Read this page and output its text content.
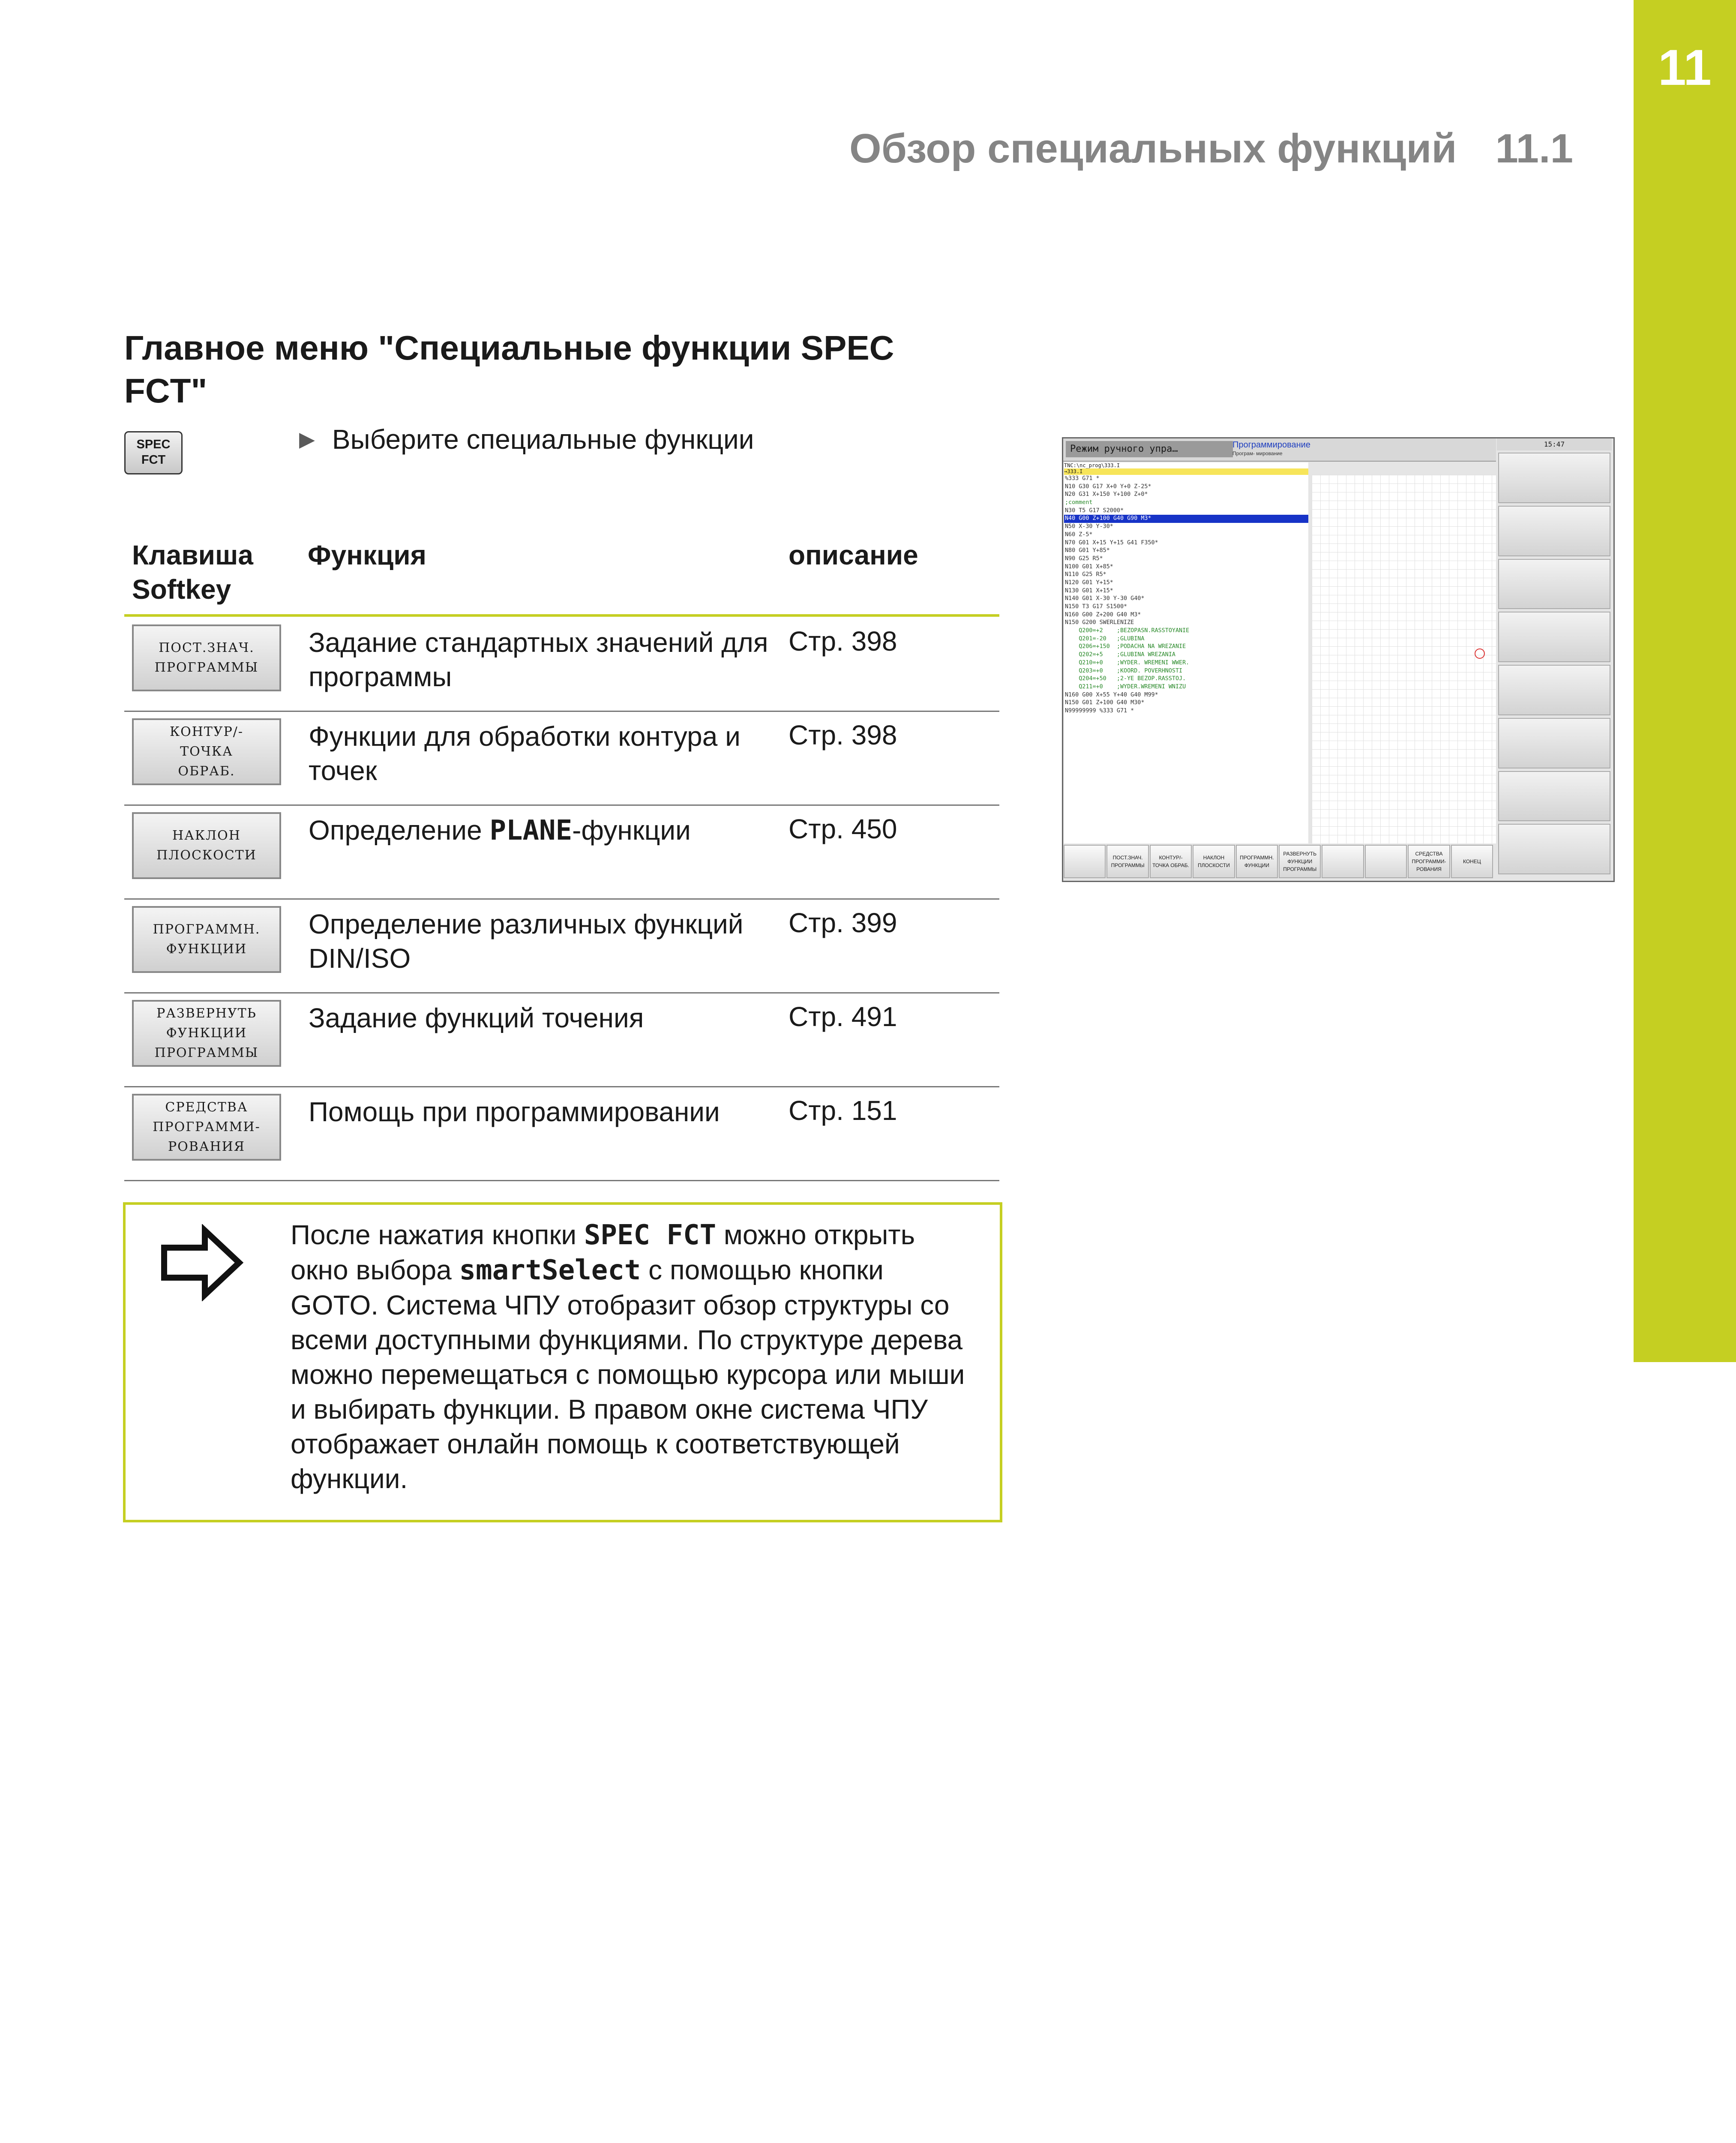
11
Обзор специальных функций 11.1
Главное меню "Специальные функции SPEC FCT"
SPEC
FCT
▶ Выберите специальные функции
Клавиша Softkey
Функция	описание
ПОСТ.ЗНАЧ.
ПРОГРАММЫ
Задание стандартных значений для программы
Стр. 398
КОНТУР/-
ТОЧКА
ОБРАБ.
Функции для обработки контура и точек
Стр. 398
НАКЛОН
ПЛОСКОСТИ
Определение PLANE-функции	Стр. 450
ПРОГРАММН.
ФУНКЦИИ
Определение различных функций DIN/ISO
Стр. 399
РАЗВЕРНУТЬ
ФУНКЦИИ
ПРОГРАММЫ
Задание функций точения	Стр. 491
СРЕДСТВА
ПРОГРАММИ-
РОВАНИЯ
Помощь при программировании	Стр. 151
После нажатия кнопки SPEC FCT можно открыть окно выбора smartSelect с помощью кнопки GOTO. Система ЧПУ отобразит обзор структуры со всеми доступными функциями. По структуре дерева можно перемещаться с помощью курсора или мыши и выбирать функции. В правом окне система ЧПУ отображает онлайн помощь к соответствующей функции.
Режим ручного упра…	Программирование
Програм- мирование
15:47
TNC:\nc_prog\333.I
→333.I
%333 G71 *
N10 G30 G17 X+0 Y+0 Z-25*
N20 G31 X+150 Y+100 Z+0*
;comment
N30 T5 G17 S2000*
N40 G00 Z+100 G40 G90 M3*
N50 X-30 Y-30*
N60 Z-5*
N70 G01 X+15 Y+15 G41 F350*
N80 G01 Y+85*
N90 G25 R5*
N100 G01 X+85*
N110 G25 R5*
N120 G01 Y+15*
N130 G01 X+15*
N140 G01 X-30 Y-30 G40*
N150 T3 G17 S1500*
N160 G00 Z+200 G40 M3*
N150 G200 SWERLENIZE
Q200=+2    ;BEZOPASN.RASSTOYANIE
Q201=-20   ;GLUBINA
Q206=+150  ;PODACHA NA WREZANIE
Q202=+5    ;GLUBINA WREZANIA
Q210=+0    ;WYDER. WREMENI WWER.
Q203=+0    ;KOORD. POVERHNOSTI
Q204=+50   ;2-YE BEZOP.RASSTOJ.
Q211=+0    ;WYDER.WREMENI WNIZU
N160 G00 X+55 Y+40 G40 M99*
N150 G01 Z+100 G40 M30*
N99999999 %333 G71 *
ПОСТ.ЗНАЧ. ПРОГРАММЫ
КОНТУР/- ТОЧКА ОБРАБ.
НАКЛОН ПЛОСКОСТИ
ПРОГРАММН. ФУНКЦИИ
РАЗВЕРНУТЬ ФУНКЦИИ ПРОГРАММЫ
СРЕДСТВА ПРОГРАММИ- РОВАНИЯ
КОНЕЦ
